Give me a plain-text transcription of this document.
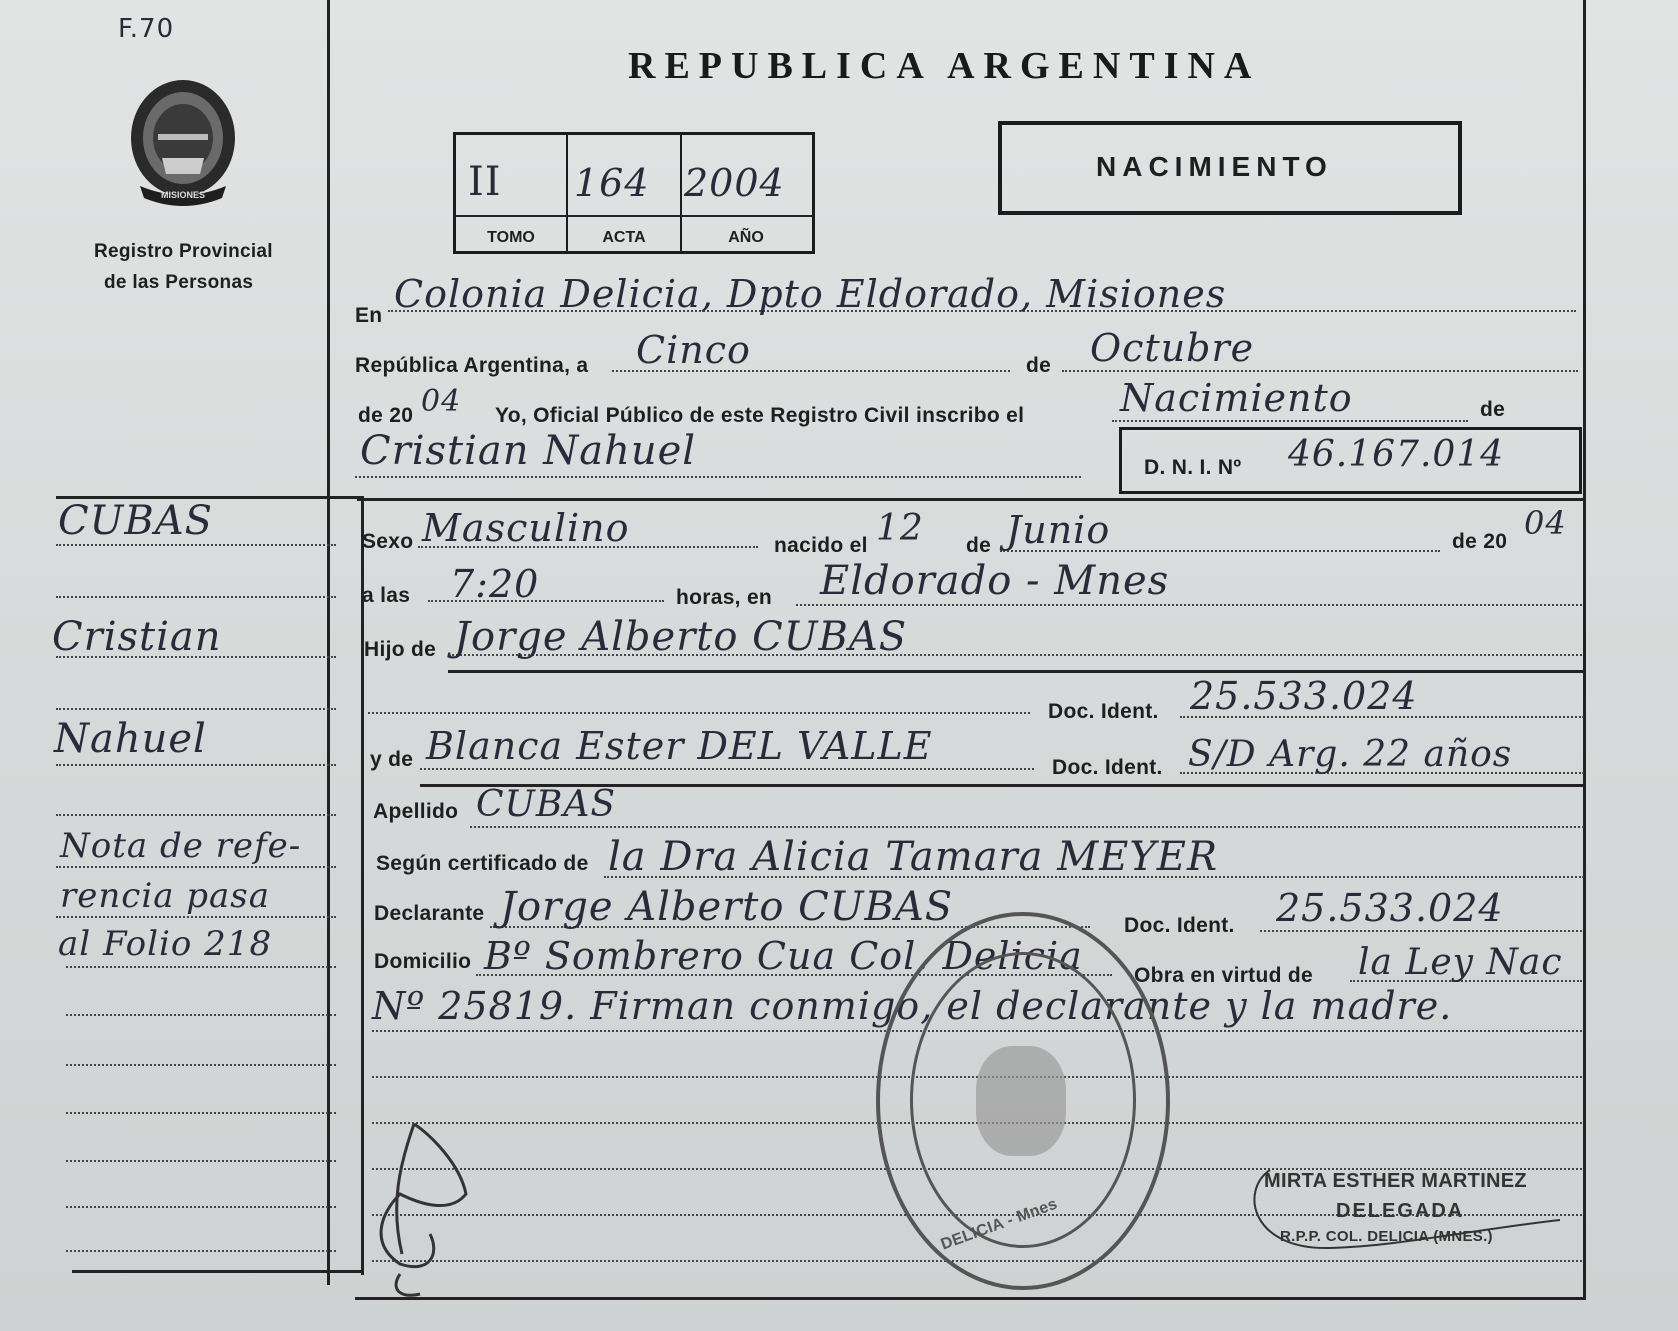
F.70
MISIONES
Registro Provincial
de las Personas
REPUBLICA ARGENTINA
II
TOMO
164
ACTA
2004
AÑO
NACIMIENTO
En Colonia Delicia, Dpto Eldorado, Misiones
República Argentina, a Cinco	de Octubre
de 20 04 Yo, Oficial Público de este Registro Civil inscribo el	Nacimiento	de
Cristian Nahuel	D. N. I. Nº 46.167.014
Sexo Masculino	nacido el 12 de Junio	de 20 04
a las 7:20	horas, en Eldorado - Mnes
Hijo de Jorge Alberto CUBAS
Doc. Ident. 25.533.024
y de Blanca Ester DEL VALLE	Doc. Ident. S/D Arg. 22 años
Apellido CUBAS
Según certificado de la Dra Alicia Tamara MEYER
Declarante Jorge Alberto CUBAS	Doc. Ident. 25.533.024
Domicilio Bº Sombrero Cua Col. Delicia Obra en virtud de la Ley Nac
Nº 25819. Firman conmigo, el declarante y la madre.
CUBAS
Cristian
Nahuel
Nota de refe-
rencia pasa
al Folio 218
DELICIA - Mnes
MIRTA ESTHER MARTINEZ
DELEGADA
R.P.P. COL. DELICIA (MNES.)
